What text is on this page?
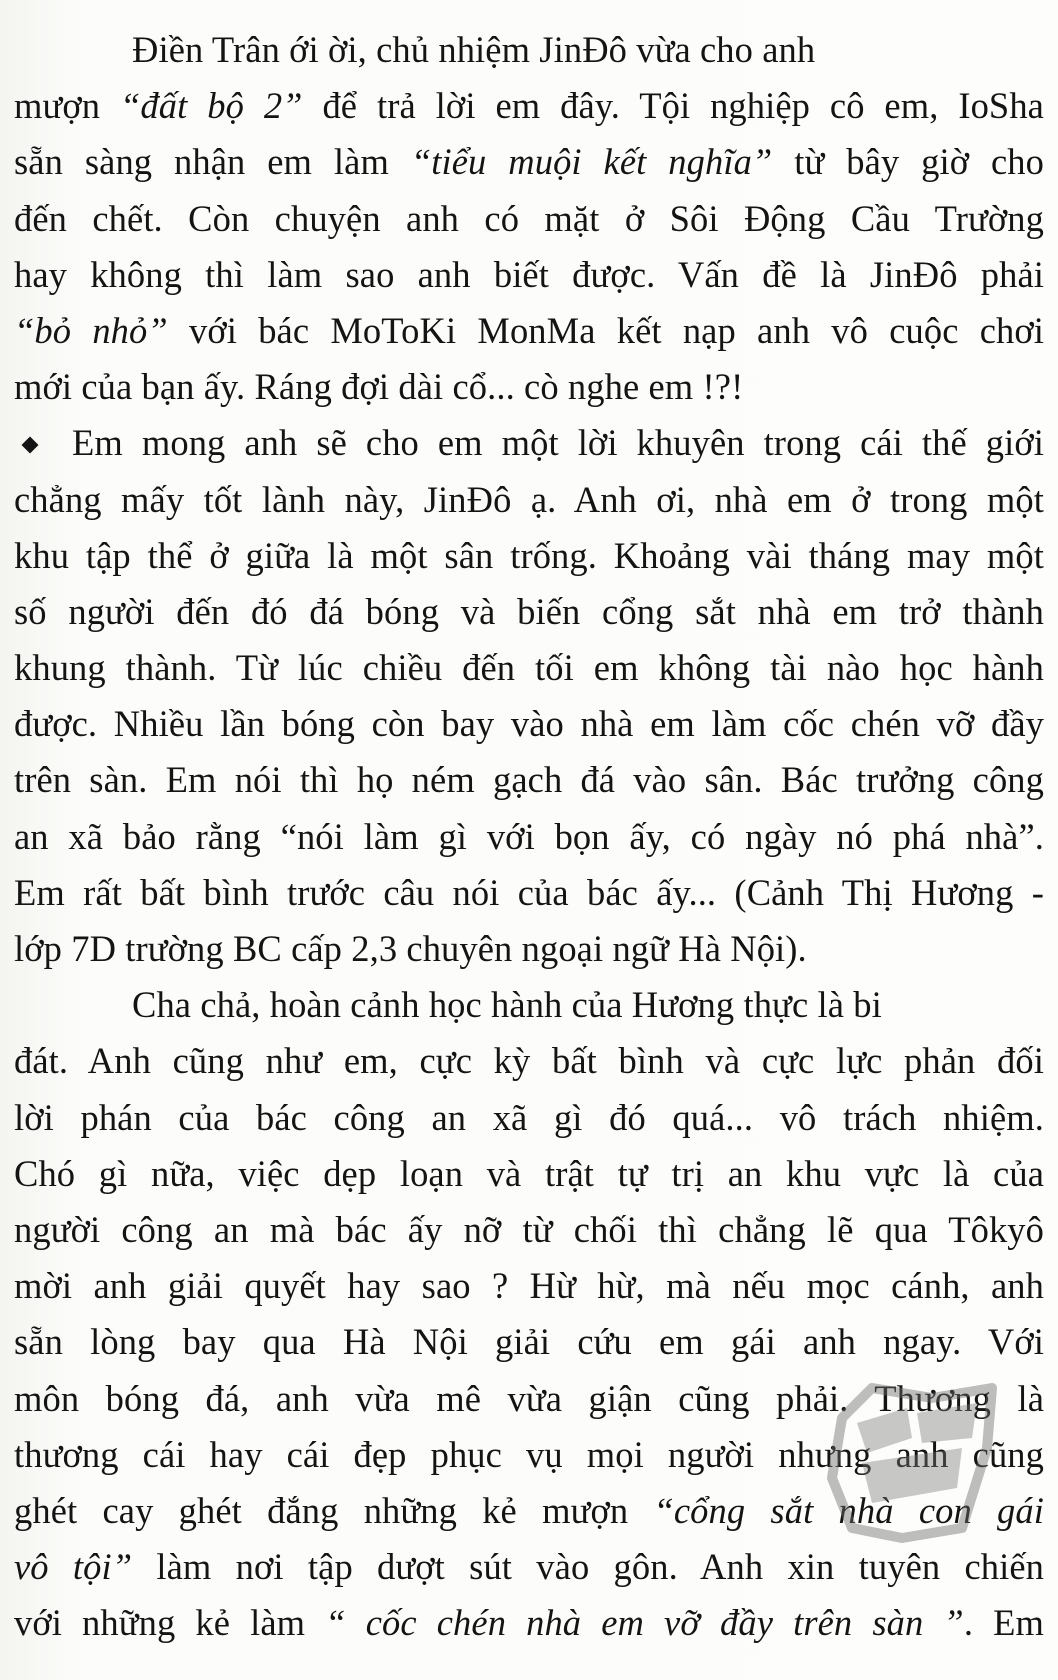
Điền Trân ới ời, chủ nhiệm JinĐô vừa cho anh
mượn “đất bộ 2” để trả lời em đây. Tội nghiệp cô em, IoSha
sẵn sàng nhận em làm “tiểu muội kết nghĩa” từ bây giờ cho
đến chết. Còn chuyện anh có mặt ở Sôi Động Cầu Trường
hay không thì làm sao anh biết được. Vấn đề là JinĐô phải
“bỏ nhỏ” với bác MoToKi MonMa kết nạp anh vô cuộc chơi
mới của bạn ấy. Ráng đợi dài cổ... cò nghe em !?!
Em mong anh sẽ cho em một lời khuyên trong cái thế giới
chẳng mấy tốt lành này, JinĐô ạ. Anh ơi, nhà em ở trong một
khu tập thể ở giữa là một sân trống. Khoảng vài tháng may một
số người đến đó đá bóng và biến cổng sắt nhà em trở thành
khung thành. Từ lúc chiều đến tối em không tài nào học hành
được. Nhiều lần bóng còn bay vào nhà em làm cốc chén vỡ đầy
trên sàn. Em nói thì họ ném gạch đá vào sân. Bác trưởng công
an xã bảo rằng “nói làm gì với bọn ấy, có ngày nó phá nhà”.
Em rất bất bình trước câu nói của bác ấy... (Cảnh Thị Hương -
lớp 7D trường BC cấp 2,3 chuyên ngoại ngữ Hà Nội).
Cha chả, hoàn cảnh học hành của Hương thực là bi
đát. Anh cũng như em, cực kỳ bất bình và cực lực phản đối
lời phán của bác công an xã gì đó quá... vô trách nhiệm.
Chó gì nữa, việc dẹp loạn và trật tự trị an khu vực là của
người công an mà bác ấy nỡ từ chối thì chẳng lẽ qua Tôkyô
mời anh giải quyết hay sao ? Hừ hừ, mà nếu mọc cánh, anh
sẵn lòng bay qua Hà Nội giải cứu em gái anh ngay. Với
môn bóng đá, anh vừa mê vừa giận cũng phải. Thương là
thương cái hay cái đẹp phục vụ mọi người nhưng anh cũng
ghét cay ghét đắng những kẻ mượn “cổng sắt nhà con gái
vô tội” làm nơi tập dượt sút vào gôn. Anh xin tuyên chiến
với những kẻ làm “ cốc chén nhà em vỡ đầy trên sàn ”. Em
